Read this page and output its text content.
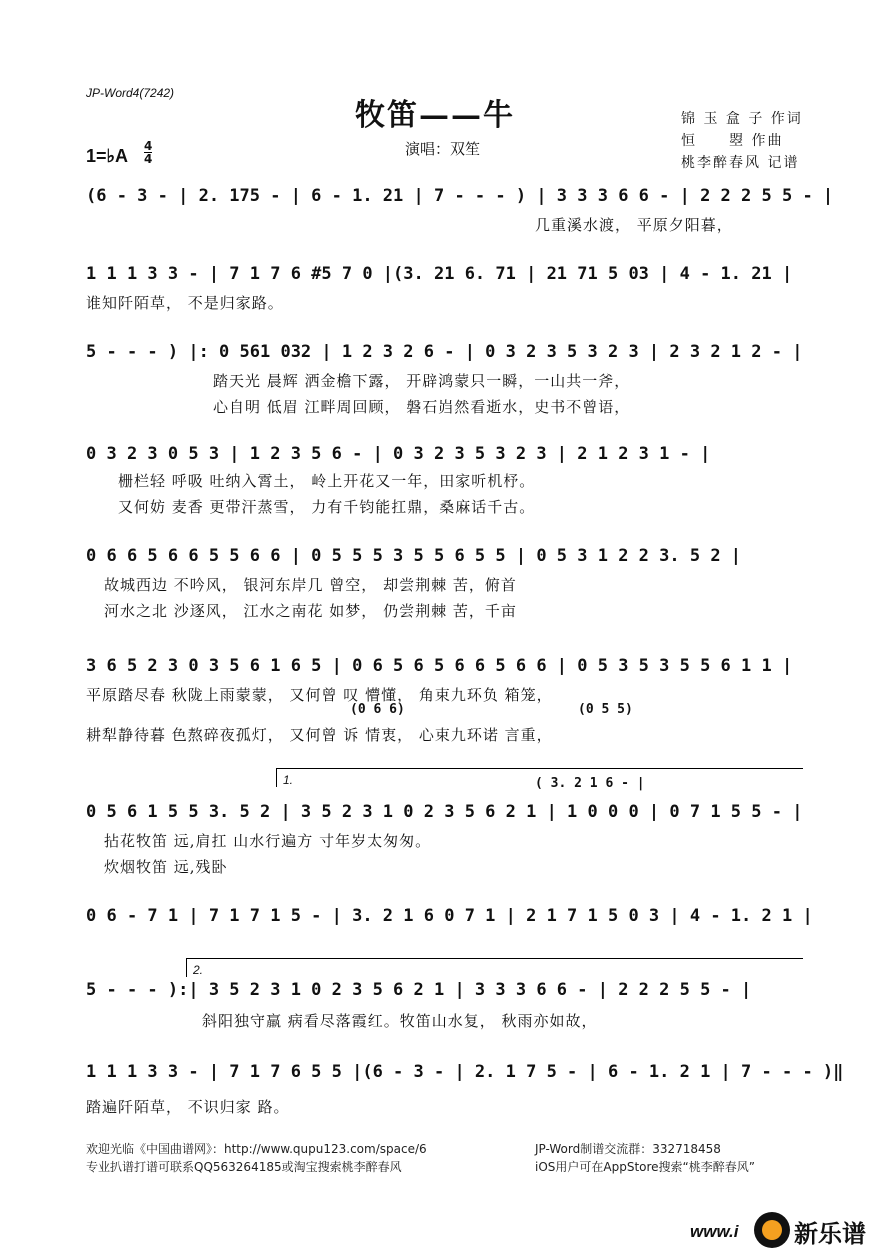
JP-Word4(7242)
牧笛——牛	锦 玉 盒 子 作词
恒　　曌 作曲
桃李醉春风 记谱
演唱：双笙
1=♭A 4
4
(6 - 3 - | 2. 175 - | 6 - 1. 21 | 7 - - - ) | 3 3 3 6 6 - | 2 2 2 5 5 - |
几重溪水渡， 平原夕阳暮，
1 1 1 3 3 - | 7 1 7 6 #5 7 0 |(3. 21 6. 71 | 21 71 5 03 | 4 - 1. 21 |
谁知阡陌草， 不是归家路。
5 - - - ) |: 0 561 032 | 1 2 3 2 6 - | 0 3 2 3 5 3 2 3 | 2 3 2 1 2 - |
踏天光 晨辉 洒金檐下露， 开辟鸿蒙只一瞬，一山共一斧，
心自明 低眉 江畔周回顾， 磐石岿然看逝水，史书不曾语，
0 3 2 3 0 5 3 | 1 2 3 5 6 - | 0 3 2 3 5 3 2 3 | 2 1 2 3 1 - |
栅栏轻 呼吸 吐纳入霄土， 岭上开花又一年，田家听机杼。
又何妨 麦香 更带汗蒸雪， 力有千钧能扛鼎，桑麻话千古。
0 6 6 5 6 6 5 5 6 6 | 0 5 5 5 3 5 5 6 5 5 | 0 5 3 1 2 2 3. 5 2 |
故城西边 不吟风， 银河东岸几 曾空， 却尝荆棘 苦，俯首
河水之北 沙逐风， 江水之南花 如梦， 仍尝荆棘 苦，千亩
3 6 5 2 3 0 3 5 6 1 6 5 | 0 6 5 6 5 6 6 5 6 6 | 0 5 3 5 3 5 5 6 1 1 |
平原踏尽春 秋陇上雨蒙蒙， 又何曾 叹 懵懂， 角束九环负 箱笼，
(0 6 6)	(0 5 5)
耕犁静待暮 色熬碎夜孤灯， 又何曾 诉 情衷， 心束九环诺 言重，
1.	( 3. 2 1 6 - |
0 5 6 1 5 5 3. 5 2 | 3 5 2 3 1 0 2 3 5 6 2 1 | 1 0 0 0 | 0 7 1 5 5 - |
拈花牧笛 远,肩扛 山水行遍方 寸年岁太匆匆。
炊烟牧笛 远,残卧
0 6 - 7 1 | 7 1 7 1 5 - | 3. 2 1 6 0 7 1 | 2 1 7 1 5 0 3 | 4 - 1. 2 1 |
2.
5 - - - ):| 3 5 2 3 1 0 2 3 5 6 2 1 | 3 3 3 6 6 - | 2 2 2 5 5 - |
斜阳独守羸 病看尽落霞红。牧笛山水复， 秋雨亦如故，
1 1 1 3 3 - | 7 1 7 6 5 5 |(6 - 3 - | 2. 1 7 5 - | 6 - 1. 2 1 | 7 - - - )‖
踏遍阡陌草， 不识归家 路。
欢迎光临《中国曲谱网》：http://www.qupu123.com/space/6
专业扒谱打谱可联系QQ563264185或淘宝搜索桃李醉春风
JP-Word制谱交流群：332718458
iOS用户可在AppStore搜索“桃李醉春风”
www.i 新乐谱
